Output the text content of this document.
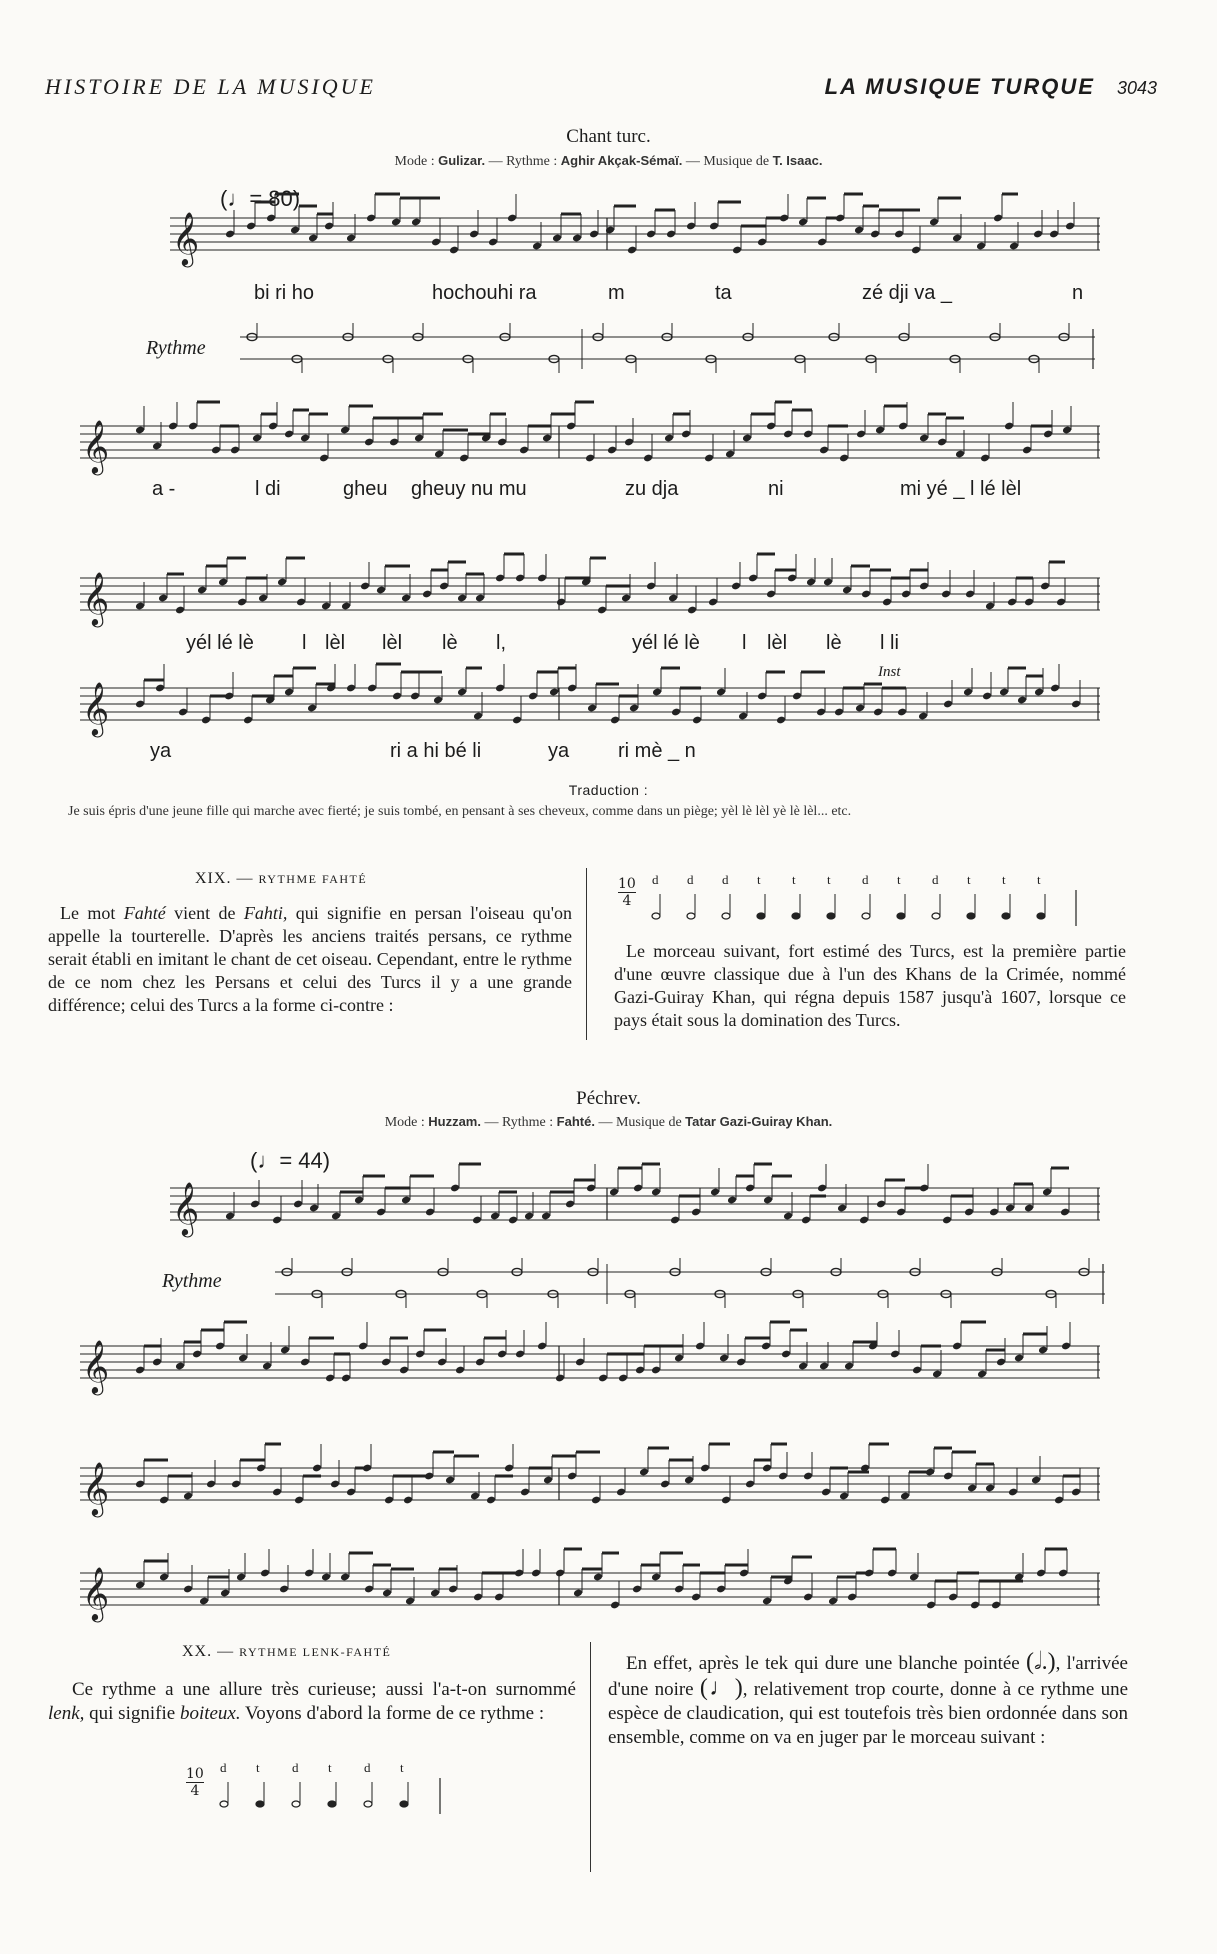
HISTOIRE DE LA MUSIQUE	LA MUSIQUE TURQUE 3043
Chant turc.
Mode : Gulizar. — Rythme : Aghir Akçak-Sémaï. — Musique de T. Isaac.
(♩= 80)
𝄞
bi ri ho	hochouhi ra	m	ta	zé dji va _	n
Rythme
𝄞
a -	l di	gheu gheuy nu mu	zu dja	ni	mi yé _ l lé lèl
𝄞
yél lé lè l lèl lèl lè l,	yél lé lè l lèl lè l li
Inst
𝄞
ya	ri a hi bé li	ya ri mè _ n
Traduction :
Je suis épris d'une jeune fille qui marche avec fierté; je suis tombé, en pensant à ses cheveux, comme dans un piège; yèl lè lèl yè lè lèl... etc.
XIX. — RYTHME FAHTÉ
Le mot Fahté vient de Fahti, qui signifie en persan l'oiseau qu'on appelle la tourterelle. D'après les anciens traités persans, ce rythme serait établi en imitant le chant de cet oiseau. Cependant, entre le rythme de ce nom chez les Persans et celui des Turcs il y a une grande différence; celui des Turcs a la forme ci-contre :
10
4
d d d t t t d t d t t t
Le morceau suivant, fort estimé des Turcs, est la première partie d'une œuvre classique due à l'un des Khans de la Crimée, nommé Gazi-Guiray Khan, qui régna depuis 1587 jusqu'à 1607, lorsque ce pays était sous la domination des Turcs.
Péchrev.
Mode : Huzzam. — Rythme : Fahté. — Musique de Tatar Gazi-Guiray Khan.
(♩= 44)
𝄞
Rythme
𝄞
𝄞
𝄞
XX. — RYTHME LENK-FAHTÉ
Ce rythme a une allure très curieuse; aussi l'a-t-on surnommé lenk, qui signifie boiteux. Voyons d'abord la forme de ce rythme :
10
4
d t d t d t
En effet, après le tek qui dure une blanche pointée (𝅗𝅥.), l'arrivée d'une noire (♩), relativement trop courte, donne à ce rythme une espèce de claudication, qui est toutefois très bien ordonnée dans son ensemble, comme on va en juger par le morceau suivant :
